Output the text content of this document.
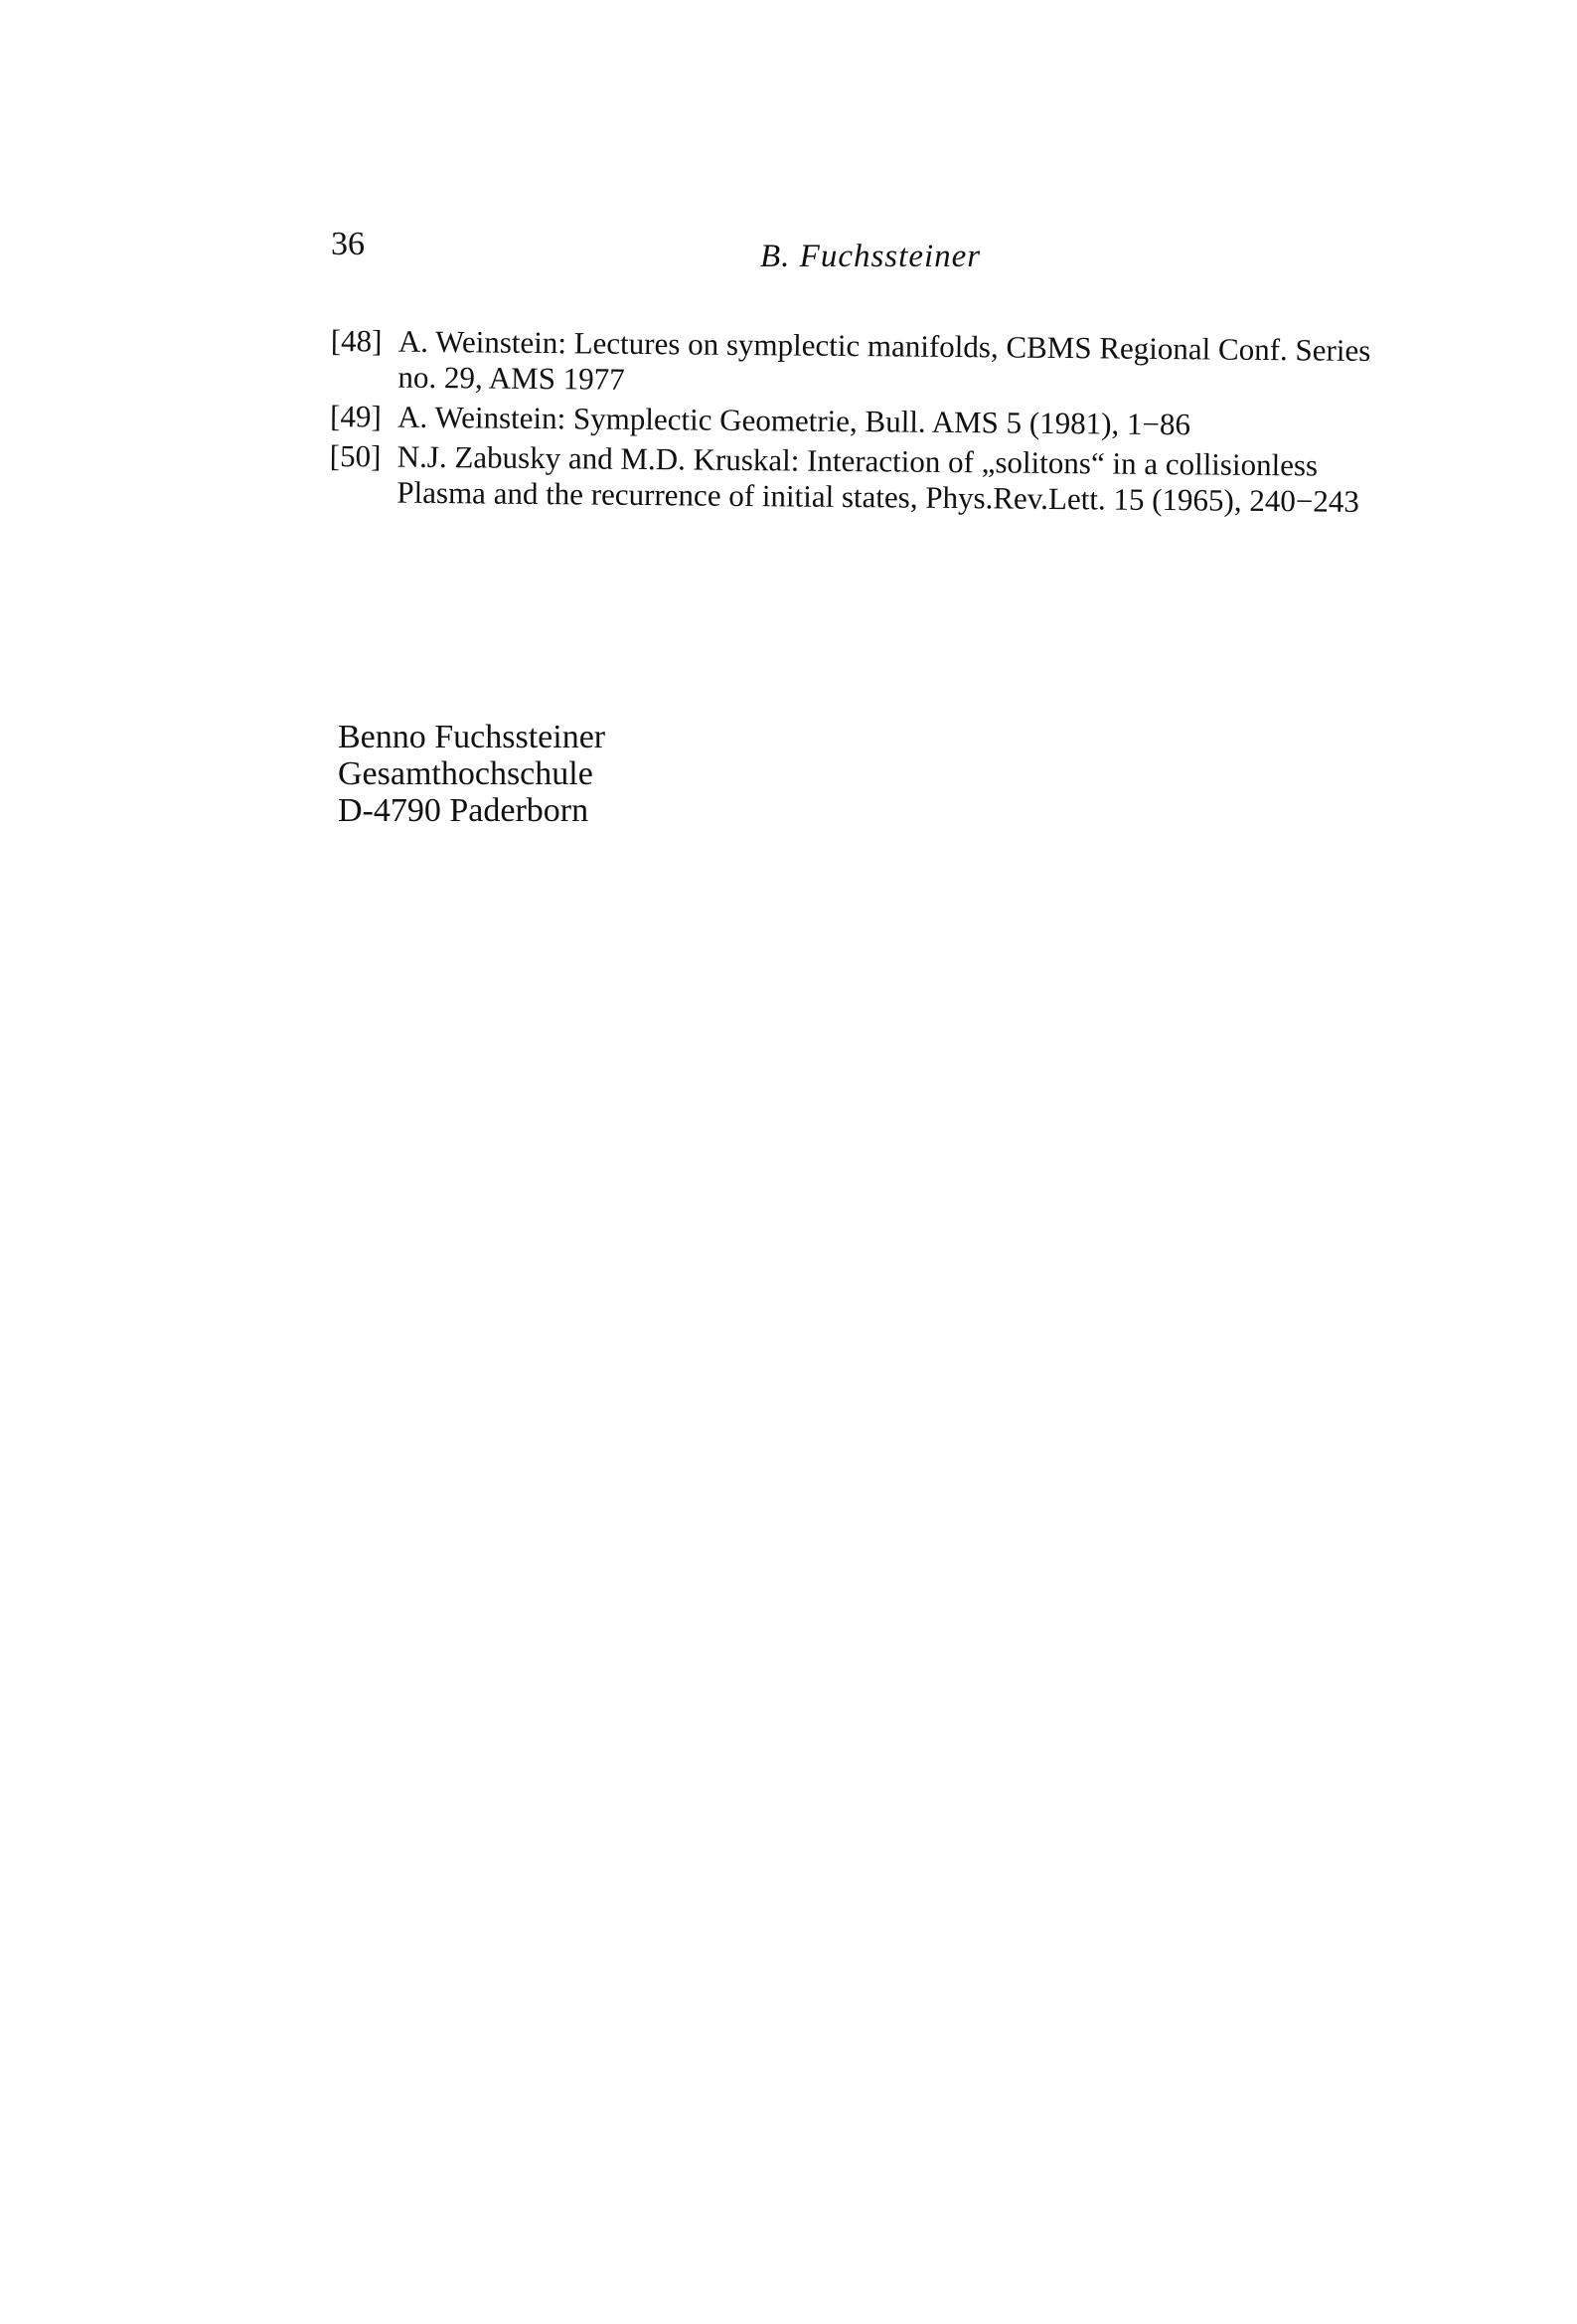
36	B. Fuchssteiner
[48] A. Weinstein: Lectures on symplectic manifolds, CBMS Regional Conf. Series
no. 29, AMS 1977
[49] A. Weinstein: Symplectic Geometrie, Bull. AMS 5 (1981), 1−86
[50] N.J. Zabusky and M.D. Kruskal: Interaction of „solitons“ in a collisionless
Plasma and the recurrence of initial states, Phys.Rev.Lett. 15 (1965), 240−243
Benno Fuchssteiner
Gesamthochschule
D-4790 Paderborn
